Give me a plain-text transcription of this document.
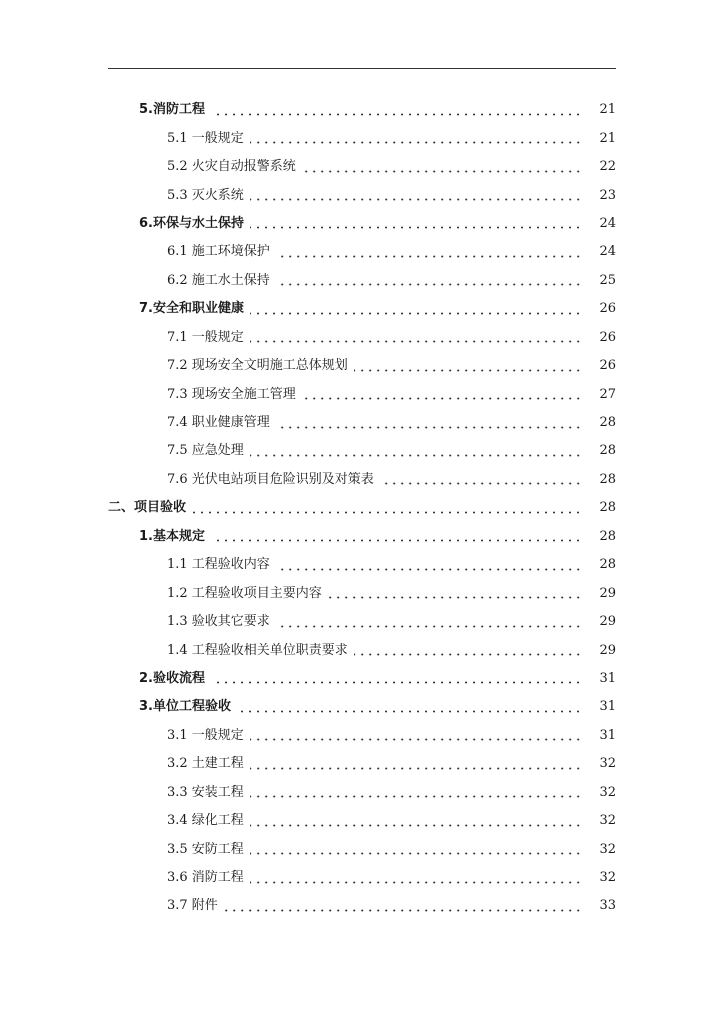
5.消防工程	21
5.1 一般规定	21
5.2 火灾自动报警系统	22
5.3 灭火系统	23
6.环保与水土保持	24
6.1 施工环境保护	24
6.2 施工水土保持	25
7.安全和职业健康	26
7.1 一般规定	26
7.2 现场安全文明施工总体规划	26
7.3 现场安全施工管理	27
7.4 职业健康管理	28
7.5 应急处理	28
7.6 光伏电站项目危险识别及对策表	28
二、项目验收	28
1.基本规定	28
1.1 工程验收内容	28
1.2 工程验收项目主要内容	29
1.3 验收其它要求	29
1.4 工程验收相关单位职责要求	29
2.验收流程	31
3.单位工程验收	31
3.1 一般规定	31
3.2 土建工程	32
3.3 安装工程	32
3.4 绿化工程	32
3.5 安防工程	32
3.6 消防工程	32
3.7 附件	33
